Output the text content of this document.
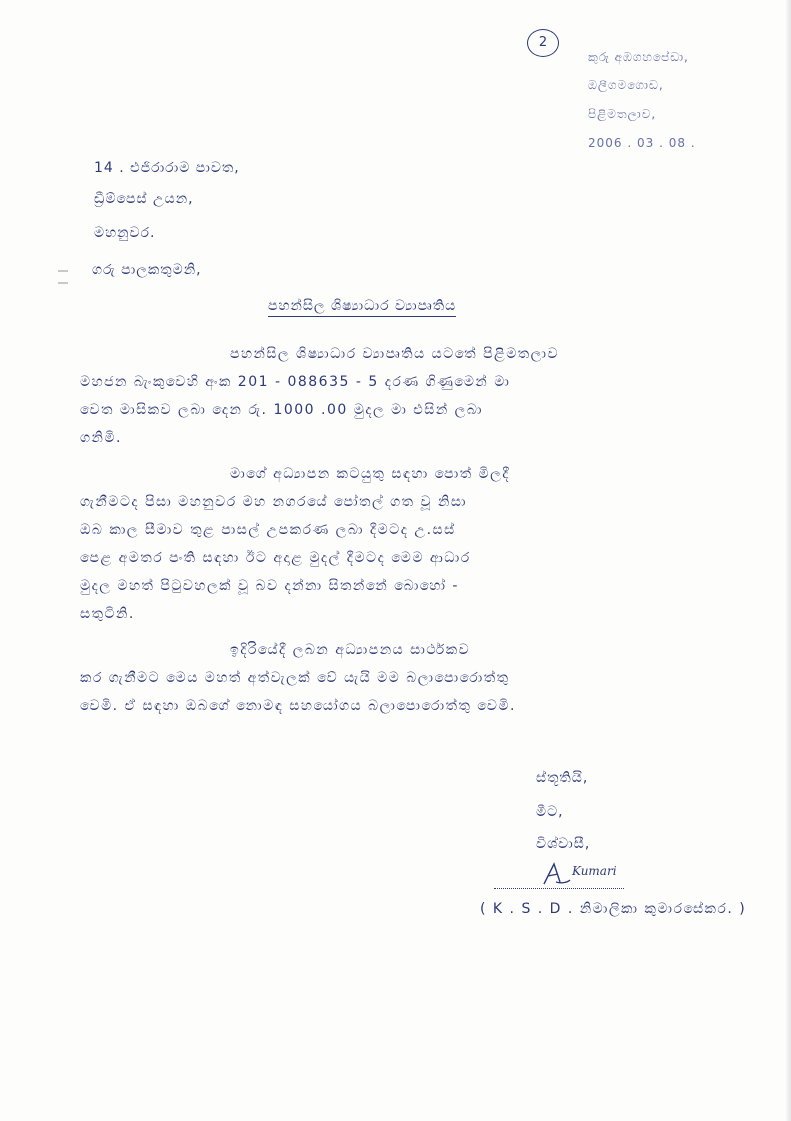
2
කුරු අඹගහපේඩා,
ඔලීගමගොඩ,
පිළිමතලාව,
2006 . 03 . 08 .
14 . එජිරාරාම පාවත,
ඩ්‍රීම්පෙස් උයන,
මහනුවර.
ගරු පාලකතුමනි,
පහන්සිල ශිෂ්‍යාධාර ව්‍යාපෘතිය
පහන්සිල ශිෂ්‍යාධාර ව්‍යාපෘතිය යටතේ පිළිමතලාව
මහජන බැංකුවෙහි අංක 201 - 088635 - 5 දරණ ගිණුමෙන් මා
වෙත මාසිකව ලබා දෙන රු. 1000 .00 මුදල මා එසින් ලබා
ගනිමි.
මාගේ අධ්‍යාපන කටයුතු සඳහා පොත් මිලදී
ගැනීමටද පිසා මහනුවර මහ නගරයේ පෝතල් ගත වූ නිසා
ඔබ කාල සීමාව තුළ පාසල් උපකරණ ලබා දීමටද උ.සස්
පෙළ අමතර පංති සඳහා ඊට අදාළ මුදල් දීමටද මෙම ආධාර
මුදල මහත් පිටුවහලක් වූ බව දන්නා සිතන්නේ බොහෝ -
සතුටිනි.
ඉදිරියේදී ලබන අධ්‍යාපනය සාර්ථකව
කර ගැනීමට මෙය මහත් අත්වැලක් වේ යැයි මම බලාපොරොත්තු
වෙමි. ඒ සඳහා ඔබගේ නොමඳ සහයෝගය බලාපොරොත්තු වෙමි.
ස්තූතියි,
මීට,
විශ්වාසී,
Kumari
( K . S . D . නිමාලිකා කුමාරසේකර. )
